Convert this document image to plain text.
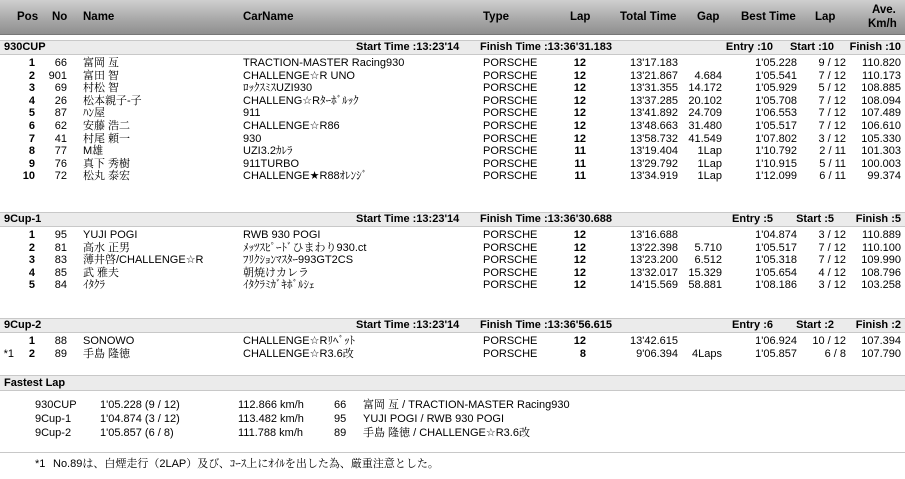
Pos No Name	CarName	Type	Lap	Total Time Gap Best Time Lap
Ave.
Km/h
930CUP	Start Time :13:23'14 Finish Time :13:36'31.183	Entry :10 Start :10 Finish :10
1	66 富岡 亙	TRACTION-MASTER Racing930	PORSCHE	12	13'17.183	1'05.228	9 / 12	110.820
2 901 富田 智	CHALLENGE☆R UNO	PORSCHE	12	13'21.867	4.684	1'05.541	7 / 12	110.173
3	69 村松 智	ﾛｯｸｽﾐｽUZI930	PORSCHE	12	13'31.355 14.172	1'05.929	5 / 12	108.885
4	26 松本親子-子	CHALLENG☆Rﾀｰﾎﾞﾙｯｸ	PORSCHE	12	13'37.285 20.102	1'05.708	7 / 12	108.094
5	87 ﾊﾝ屋	911	PORSCHE	12	13'41.892 24.709	1'06.553	7 / 12	107.489
6	62 安藤 浩二	CHALLENGE☆R86	PORSCHE	12	13'48.663 31.480	1'05.517	7 / 12	106.610
7	41 村尾 頼一	930	PORSCHE	12	13'58.732 41.549	1'07.802	3 / 12	105.330
8	77 M雄	UZI3.2ｶﾚﾗ	PORSCHE	11	13'19.404	1Lap	1'10.792	2 / 11	101.303
9	76 真下 秀樹	911TURBO	PORSCHE	11	13'29.792	1Lap	1'10.915	5 / 11	100.003
10	72 松丸 泰宏	CHALLENGE★R88ｵﾚﾝｼﾞ	PORSCHE	11	13'34.919	1Lap	1'12.099	6 / 11	99.374
9Cup-1	Start Time :13:23'14 Finish Time :13:36'30.688	Entry :5 Start :5 Finish :5
1	95 YUJI POGI	RWB 930 POGI	PORSCHE	12	13'16.688	1'04.874	3 / 12	110.889
2	81 高水 正男	ﾒｯﾂｽﾋﾟｰﾄﾞひまわり930.ct	PORSCHE	12	13'22.398	5.710	1'05.517	7 / 12	110.100
3	83 薄井啓/CHALLENGE☆R	ﾌﾘｸｼｮﾝﾏｽﾀｰ993GT2CS	PORSCHE	12	13'23.200	6.512	1'05.318	7 / 12	109.990
4	85 武 雅夫	朝焼けカレラ	PORSCHE	12	13'32.017 15.329	1'05.654	4 / 12	108.796
5	84 ｲﾀｸﾗ	ｲﾀｸﾗﾐｶﾞｷﾎﾞﾙｼｪ	PORSCHE	12	14'15.569 58.881	1'08.186	3 / 12	103.258
9Cup-2	Start Time :13:23'14 Finish Time :13:36'56.615	Entry :6 Start :2 Finish :2
1	88 SONOWO	CHALLENGE☆Rﾘﾍﾞｯﾄ	PORSCHE	12	13'42.615	1'06.924	10 / 12	107.394
*1	2	89 手島 隆徳	CHALLENGE☆R3.6改	PORSCHE	8	9'06.394	4Laps	1'05.857	6 / 8	107.790
Fastest Lap
930CUP 1'05.228 (9 / 12)	112.866 km/h	66 富岡 亙 / TRACTION-MASTER Racing930
9Cup-1	1'04.874 (3 / 12)	113.482 km/h	95 YUJI POGI / RWB 930 POGI
9Cup-2	1'05.857 (6 / 8)	111.788 km/h	89 手島 隆徳 / CHALLENGE☆R3.6改
*1 No.89は、白煙走行（2LAP）及び、ｺｰｽ上にｵｲﾙを出した為、厳重注意とした。
